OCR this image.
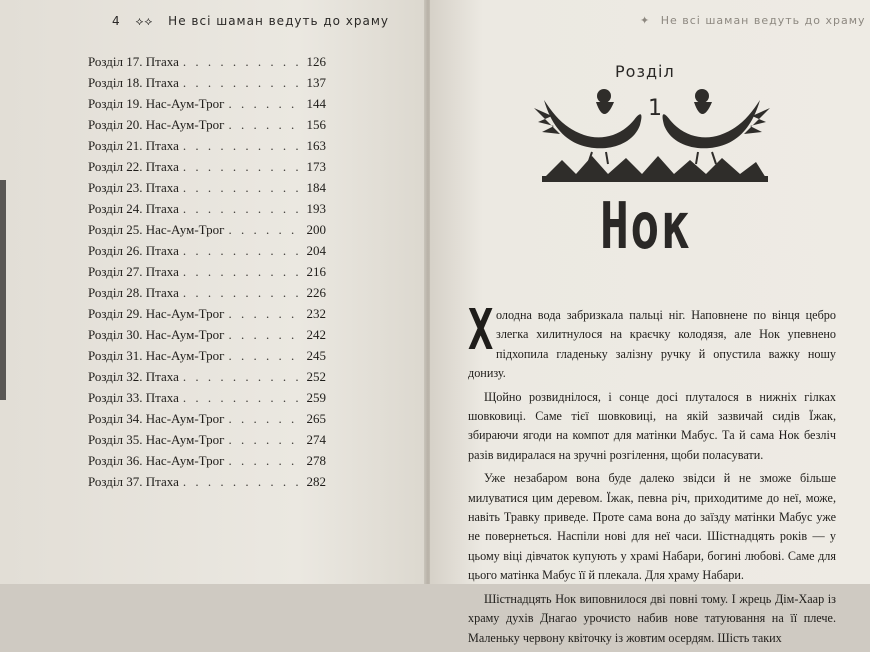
4 ⟡⟡ Не всі шаман ведуть до храму
Розділ 17. Птаха . . .	126
Розділ 18. Птаха . . .	137
Розділ 19. Нас-Аум-Трог . . .	144
Розділ 20. Нас-Аум-Трог . . .	156
Розділ 21. Птаха . . .	163
Розділ 22. Птаха . . .	173
Розділ 23. Птаха . . .	184
Розділ 24. Птаха . . .	193
Розділ 25. Нас-Аум-Трог . . .	200
Розділ 26. Птаха . . .	204
Розділ 27. Птаха . . .	216
Розділ 28. Птаха . . .	226
Розділ 29. Нас-Аум-Трог . . .	232
Розділ 30. Нас-Аум-Трог . . .	242
Розділ 31. Нас-Аум-Трог . . .	245
Розділ 32. Птаха . . .	252
Розділ 33. Птаха . . .	259
Розділ 34. Нас-Аум-Трог . . .	265
Розділ 35. Нас-Аум-Трог . . .	274
Розділ 36. Нас-Аум-Трог . . .	278
Розділ 37. Птаха . . .	282
✦ Не всі шаман ведуть до храму
Розділ
1
Нок

Холодна вода забризкала пальці ніг. Наповнене по вінця цебро злегка хилитнулося на краєчку колодязя, але Нок упевнено підхопила гладеньку залізну ручку й опустила важку ношу донизу.

Щойно розвиднілося, і сонце досі плуталося в нижніх гілках шовковиці. Саме тієї шовковиці, на якій зазвичай сидів Їжак, збираючи ягоди на компот для матінки Мабус. Та й сама Нок безліч разів видиралася на зручні розгілення, щоби поласувати.

Уже незабаром вона буде далеко звідси й не зможе більше милуватися цим деревом. Їжак, певна річ, приходитиме до неї, може, навіть Травку приведе. Проте сама вона до заїзду матінки Мабус уже не повернеться. Наспіли нові для неї часи. Шістнадцять років — у цьому віці дівчаток купують у храмі Набари, богині любові. Саме для цього матінка Мабус її й плекала. Для храму Набари.

Шістнадцять Нок виповнилося дві повні тому. І жрець Дім-Хаар із храму духів Днагао урочисто набив нове татуювання на її плече. Маленьку червону квіточку із жовтим осердям. Шість таких
